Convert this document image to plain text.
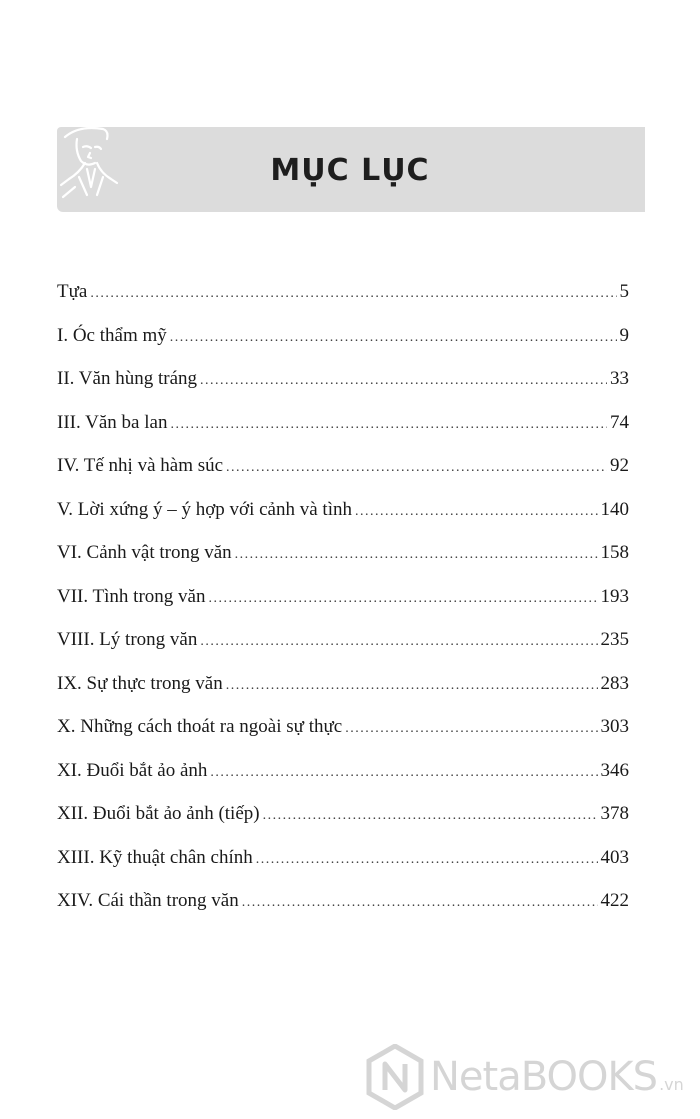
MỤC LỤC
Tựa .....	5
I. Óc thẩm mỹ .....	9
II. Văn hùng tráng .....	33
III. Văn ba lan .....	74
IV. Tế nhị và hàm súc .....	92
V. Lời xứng ý – ý hợp với cảnh và tình .....	140
VI. Cảnh vật trong văn .....	158
VII. Tình trong văn .....	193
VIII. Lý trong văn .....	235
IX. Sự thực trong văn .....	283
X. Những cách thoát ra ngoài sự thực .....	303
XI. Đuổi bắt ảo ảnh .....	346
XII. Đuổi bắt ảo ảnh (tiếp) .....	378
XIII. Kỹ thuật chân chính .....	403
XIV. Cái thần trong văn .....	422
NetaBOOKS .vn
